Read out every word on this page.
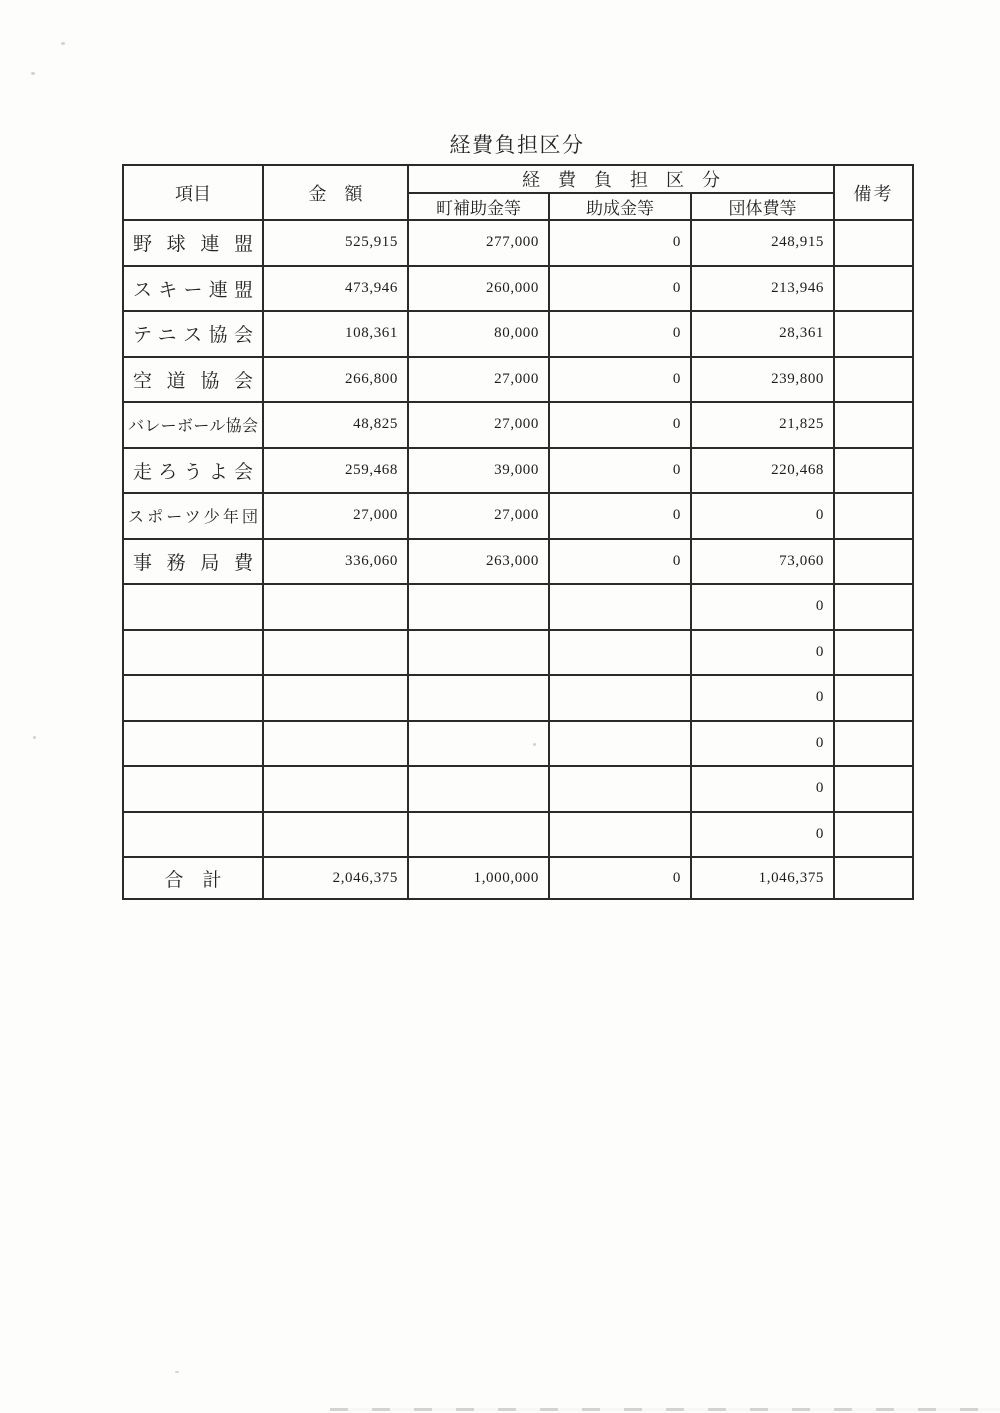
経費負担区分
項目	金　額	経　費　負　担　区　分			備考
		町補助金等	助成金等	団体費等	
野球連盟	525,915	277,000	0	248,915	
スキー連盟	473,946	260,000	0	213,946	
テニス協会	108,361	80,000	0	28,361	
空道協会	266,800	27,000	0	239,800	
バレーボール協会	48,825	27,000	0	21,825	
走ろうよ会	259,468	39,000	0	220,468	
スポーツ少年団	27,000	27,000	0	0	
事務局費	336,060	263,000	0	73,060	
				0	
				0	
				0	
				0	
				0	
				0	
合　計	2,046,375	1,000,000	0	1,046,375	
